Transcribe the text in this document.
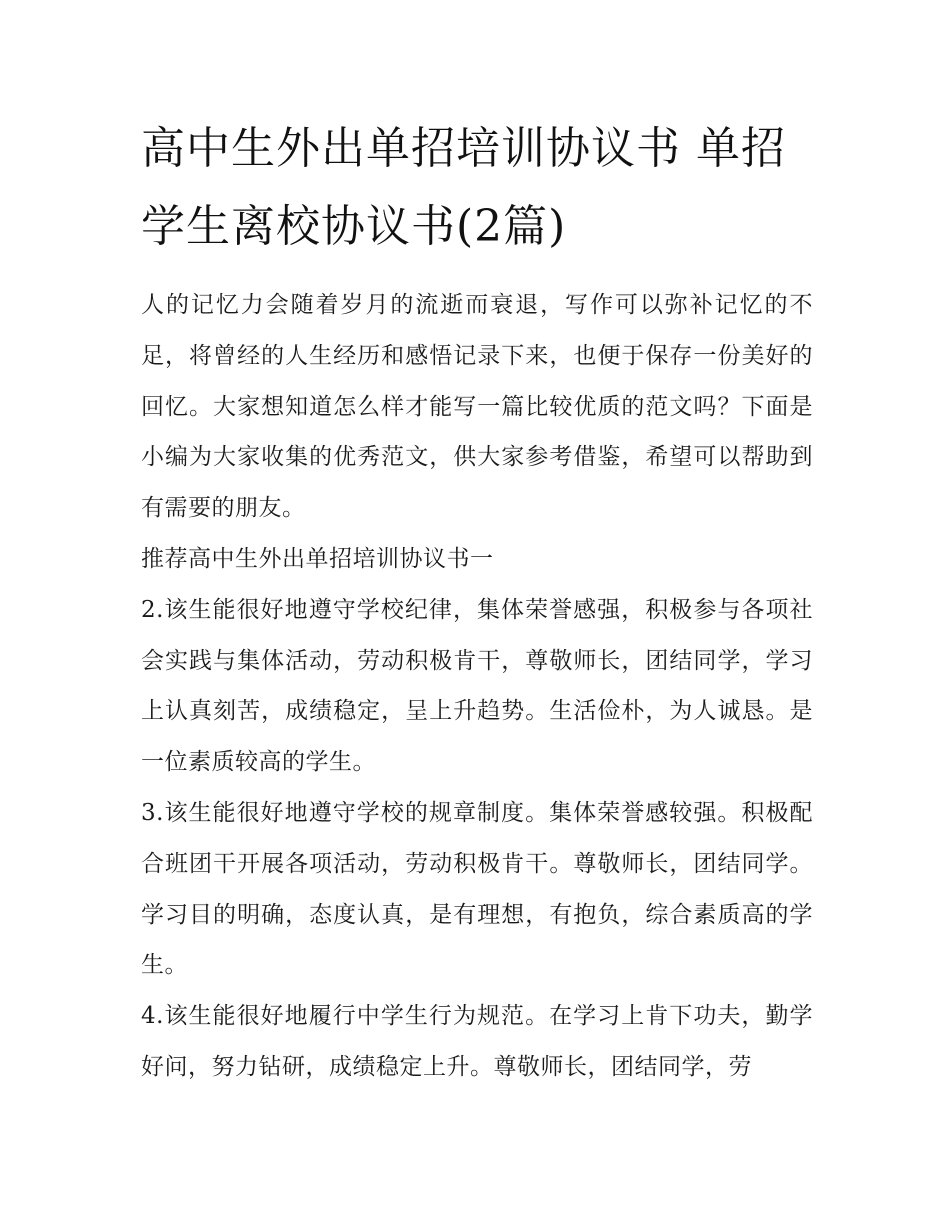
高中生外出单招培训协议书 单招学生离校协议书(2篇)

人的记忆力会随着岁月的流逝而衰退，写作可以弥补记忆的不足，将曾经的人生经历和感悟记录下来，也便于保存一份美好的回忆。大家想知道怎么样才能写一篇比较优质的范文吗？下面是小编为大家收集的优秀范文，供大家参考借鉴，希望可以帮助到有需要的朋友。

推荐高中生外出单招培训协议书一

2.该生能很好地遵守学校纪律，集体荣誉感强，积极参与各项社会实践与集体活动，劳动积极肯干，尊敬师长，团结同学，学习上认真刻苦，成绩稳定，呈上升趋势。生活俭朴，为人诚恳。是一位素质较高的学生。

3.该生能很好地遵守学校的规章制度。集体荣誉感较强。积极配合班团干开展各项活动，劳动积极肯干。尊敬师长，团结同学。学习目的明确，态度认真，是有理想，有抱负，综合素质高的学生。

4.该生能很好地履行中学生行为规范。在学习上肯下功夫，勤学好问，努力钻研，成绩稳定上升。尊敬师长，团结同学，劳
